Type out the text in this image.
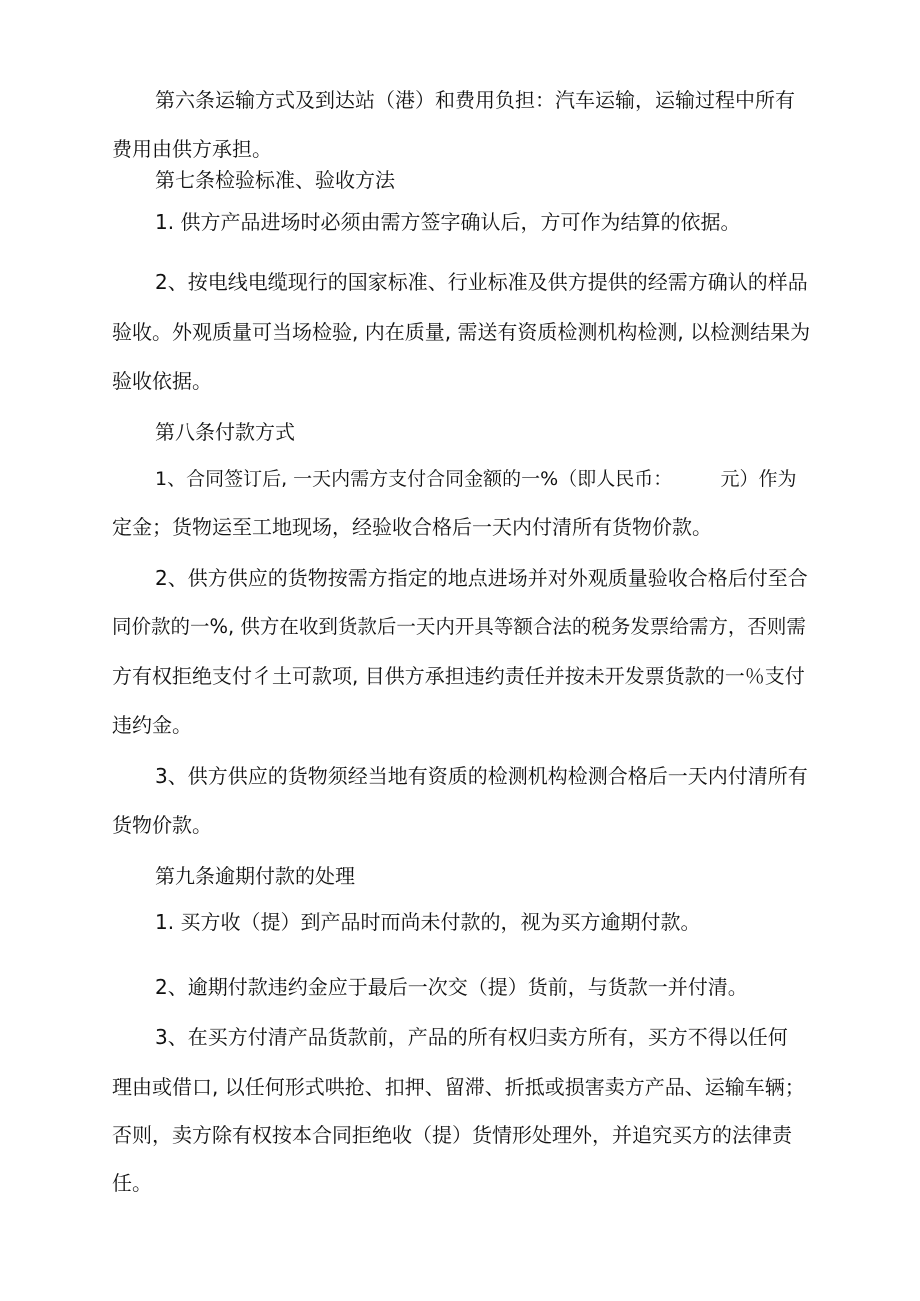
第六条运输方式及到达站（港）和费用负担：汽车运输，运输过程中所有
费用由供方承担。
第七条检验标准、验收方法
1. 供方产品进场时必须由需方签字确认后，方可作为结算的依据。
2、按电线电缆现行的国家标准、行业标准及供方提供的经需方确认的样品
验收。外观质量可当场检验, 内在质量, 需送有资质检测机构检测, 以检测结果为
验收依据。
第八条付款方式
1、合同签订后, 一天内需方支付合同金额的一%（即人民币：        元）作为
定金；货物运至工地现场，经验收合格后一天内付清所有货物价款。
2、供方供应的货物按需方指定的地点进场并对外观质量验收合格后付至合
同价款的一%, 供方在收到货款后一天内开具等额合法的税务发票给需方，否则需
方有权拒绝支付彳土可款项, 目供方承担违约责任并按未开发票货款的一％支付
违约金。
3、供方供应的货物须经当地有资质的检测机构检测合格后一天内付清所有
货物价款。
第九条逾期付款的处理
1. 买方收（提）到产品时而尚未付款的，视为买方逾期付款。
2、逾期付款违约金应于最后一次交（提）货前，与货款一并付清。
3、在买方付清产品货款前，产品的所有权归卖方所有，买方不得以任何
理由或借口, 以任何形式哄抢、扣押、留滞、折抵或损害卖方产品、运输车辆；
否则，卖方除有权按本合同拒绝收（提）货情形处理外，并追究买方的法律责
任。
